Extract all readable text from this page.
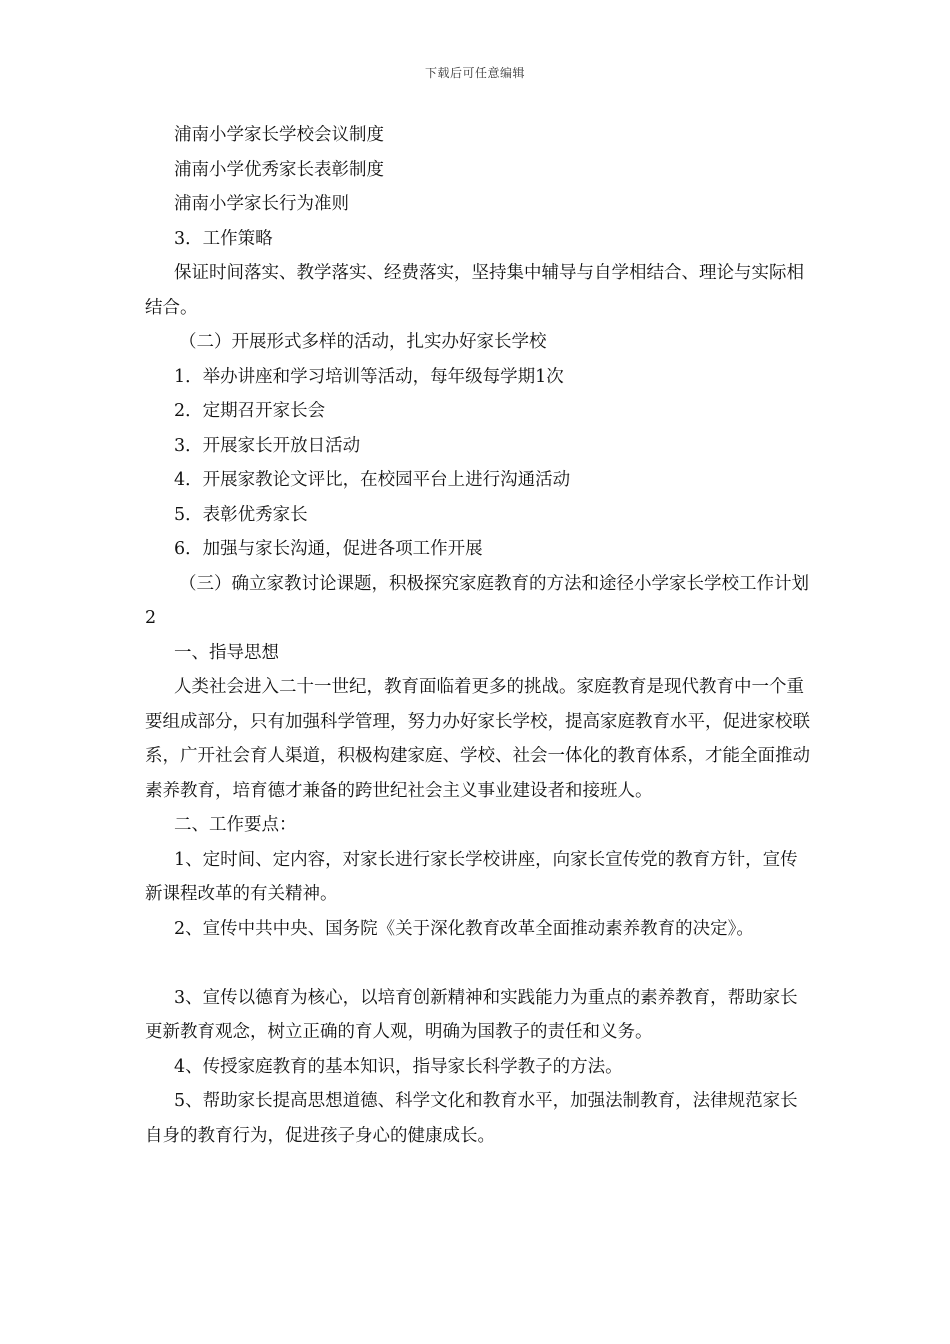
下载后可任意编辑

浦南小学家长学校会议制度

浦南小学优秀家长表彰制度

浦南小学家长行为准则

3．工作策略

保证时间落实、教学落实、经费落实，坚持集中辅导与自学相结合、理论与实际相结合。

（二）开展形式多样的活动，扎实办好家长学校

1．举办讲座和学习培训等活动，每年级每学期1次

2．定期召开家长会

3．开展家长开放日活动

4．开展家教论文评比，在校园平台上进行沟通活动

5．表彰优秀家长

6．加强与家长沟通，促进各项工作开展

（三）确立家教讨论课题，积极探究家庭教育的方法和途径小学家长学校工作计划2

一、指导思想

人类社会进入二十一世纪，教育面临着更多的挑战。家庭教育是现代教育中一个重要组成部分，只有加强科学管理，努力办好家长学校，提高家庭教育水平，促进家校联系，广开社会育人渠道，积极构建家庭、学校、社会一体化的教育体系，才能全面推动素养教育，培育德才兼备的跨世纪社会主义事业建设者和接班人。

二、工作要点：

1、定时间、定内容，对家长进行家长学校讲座，向家长宣传党的教育方针，宣传新课程改革的有关精神。

2、宣传中共中央、国务院《关于深化教育改革全面推动素养教育的决定》。

3、宣传以德育为核心，以培育创新精神和实践能力为重点的素养教育，帮助家长更新教育观念，树立正确的育人观，明确为国教子的责任和义务。

4、传授家庭教育的基本知识，指导家长科学教子的方法。

5、帮助家长提高思想道德、科学文化和教育水平，加强法制教育，法律规范家长自身的教育行为，促进孩子身心的健康成长。
